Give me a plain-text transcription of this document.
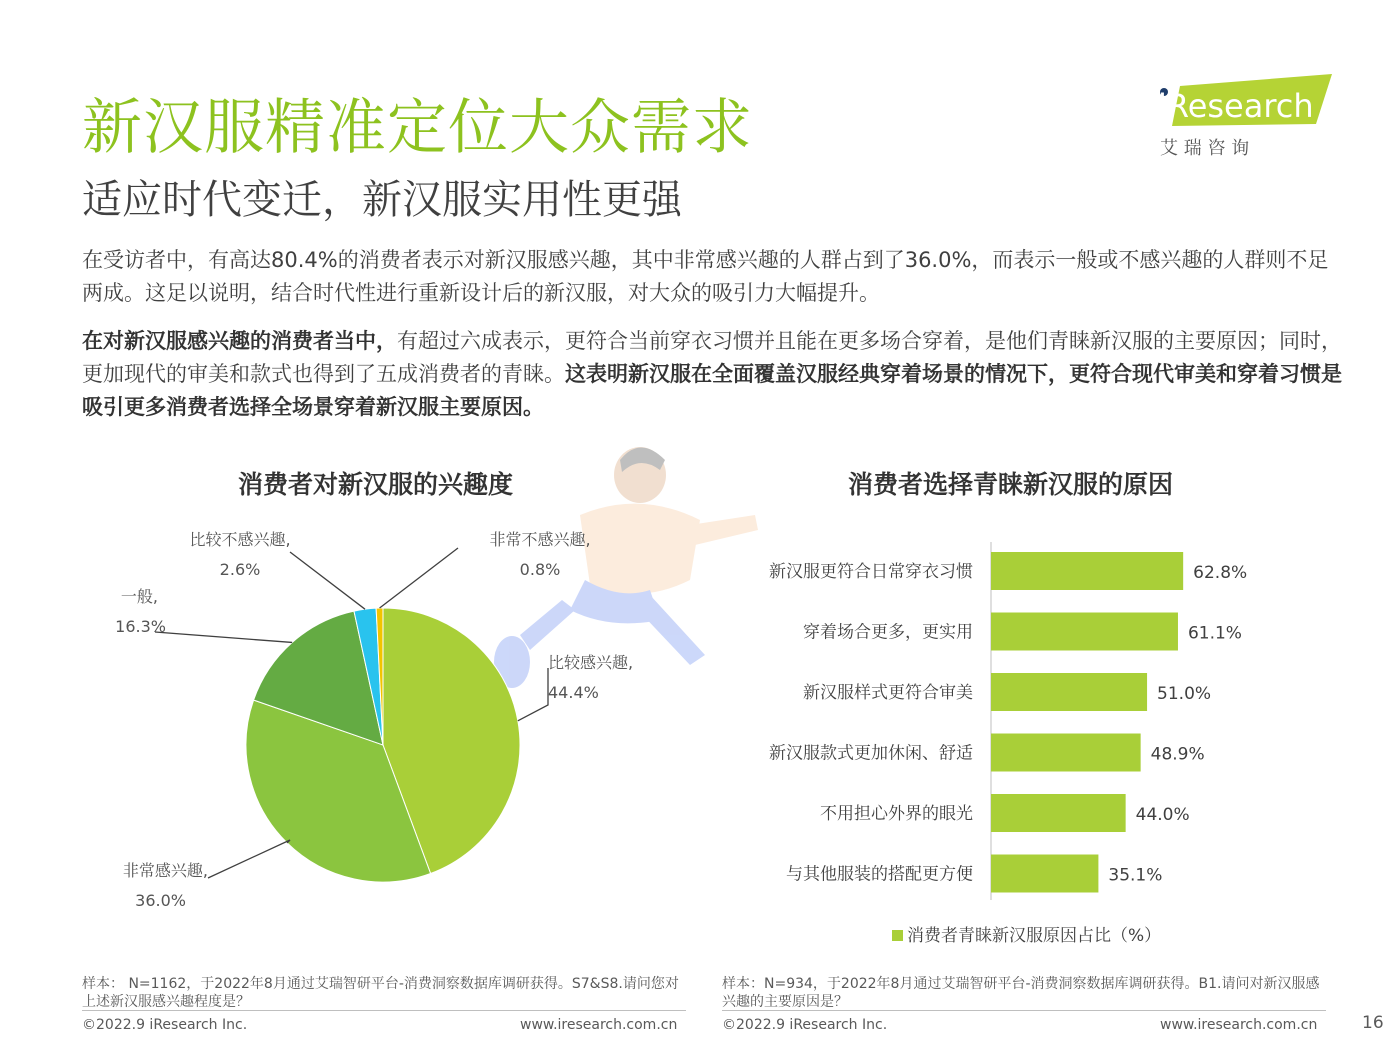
新汉服精准定位大众需求
适应时代变迁，新汉服实用性更强
iResearch
艾 瑞 咨 询
在受访者中，有高达80.4%的消费者表示对新汉服感兴趣，其中非常感兴趣的人群占到了36.0%，而表示一般或不感兴趣的人群则不足两成。这足以说明，结合时代性进行重新设计后的新汉服，对大众的吸引力大幅提升。
在对新汉服感兴趣的消费者当中，有超过六成表示，更符合当前穿衣习惯并且能在更多场合穿着，是他们青睐新汉服的主要原因；同时，更加现代的审美和款式也得到了五成消费者的青睐。这表明新汉服在全面覆盖汉服经典穿着场景的情况下，更符合现代审美和穿着习惯是吸引更多消费者选择全场景穿着新汉服主要原因。
消费者对新汉服的兴趣度	消费者选择青睐新汉服的原因
比较感兴趣,
44.4%
非常感兴趣,
36.0%
一般,
16.3%
比较不感兴趣,
2.6%
非常不感兴趣,
0.8%	新汉服更符合日常穿衣习惯	62.8%
穿着场合更多，更实用	61.1%
新汉服样式更符合审美	51.0%
新汉服款式更加休闲、舒适	48.9%
不用担心外界的眼光	44.0%
与其他服装的搭配更方便	35.1%
消费者青睐新汉服原因占比（%）
样本： N=1162，于2022年8月通过艾瑞智研平台-消费洞察数据库调研获得。S7&S8.请问您对上述新汉服感兴趣程度是？
样本：N=934，于2022年8月通过艾瑞智研平台-消费洞察数据库调研获得。B1.请问对新汉服感兴趣的主要原因是？
©2022.9 iResearch Inc.	www.iresearch.com.cn	©2022.9 iResearch Inc.	www.iresearch.com.cn	16
